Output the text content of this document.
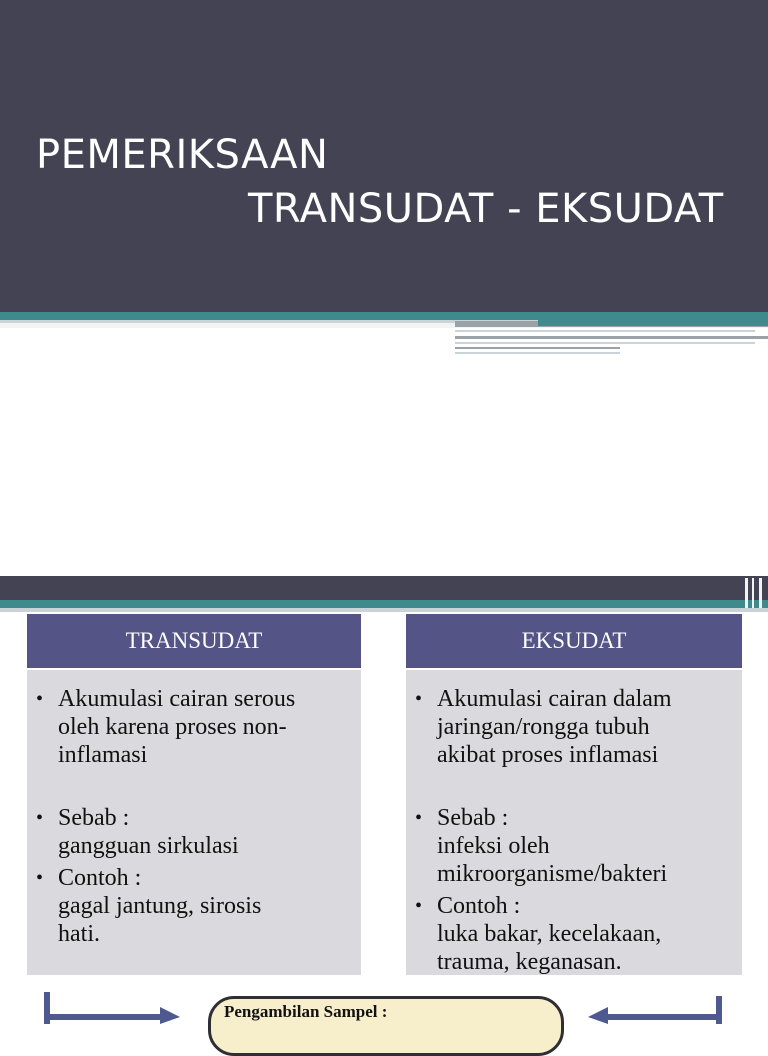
PEMERIKSAAN
TRANSUDAT - EKSUDAT
TRANSUDAT
• Akumulasi cairan serous
oleh karena proses non-
inflamasi
• Sebab :
gangguan sirkulasi
• Contoh :
gagal jantung, sirosis
hati.
EKSUDAT
• Akumulasi cairan dalam
jaringan/rongga tubuh
akibat proses inflamasi
• Sebab :
infeksi oleh
mikroorganisme/bakteri
• Contoh :
luka bakar, kecelakaan,
trauma, keganasan.
Pengambilan Sampel :
